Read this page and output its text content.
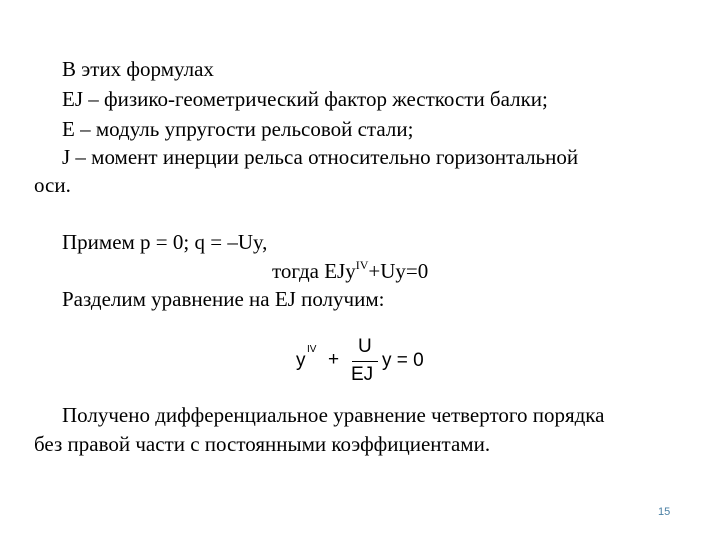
В этих формулах
EJ – физико-геометрический фактор жесткости балки;
E – модуль упругости рельсовой стали;
J – момент инерции рельса относительно горизонтальной
оси.
Примем p = 0; q = –Uy,
тогда EJy$^{IV}$+Uy=0
Разделим уравнение на EJ получим:
y
IV +
U
EJ
y = 0
Получено дифференциальное уравнение четвертого порядка
без правой части с постоянными коэффициентами.
15
